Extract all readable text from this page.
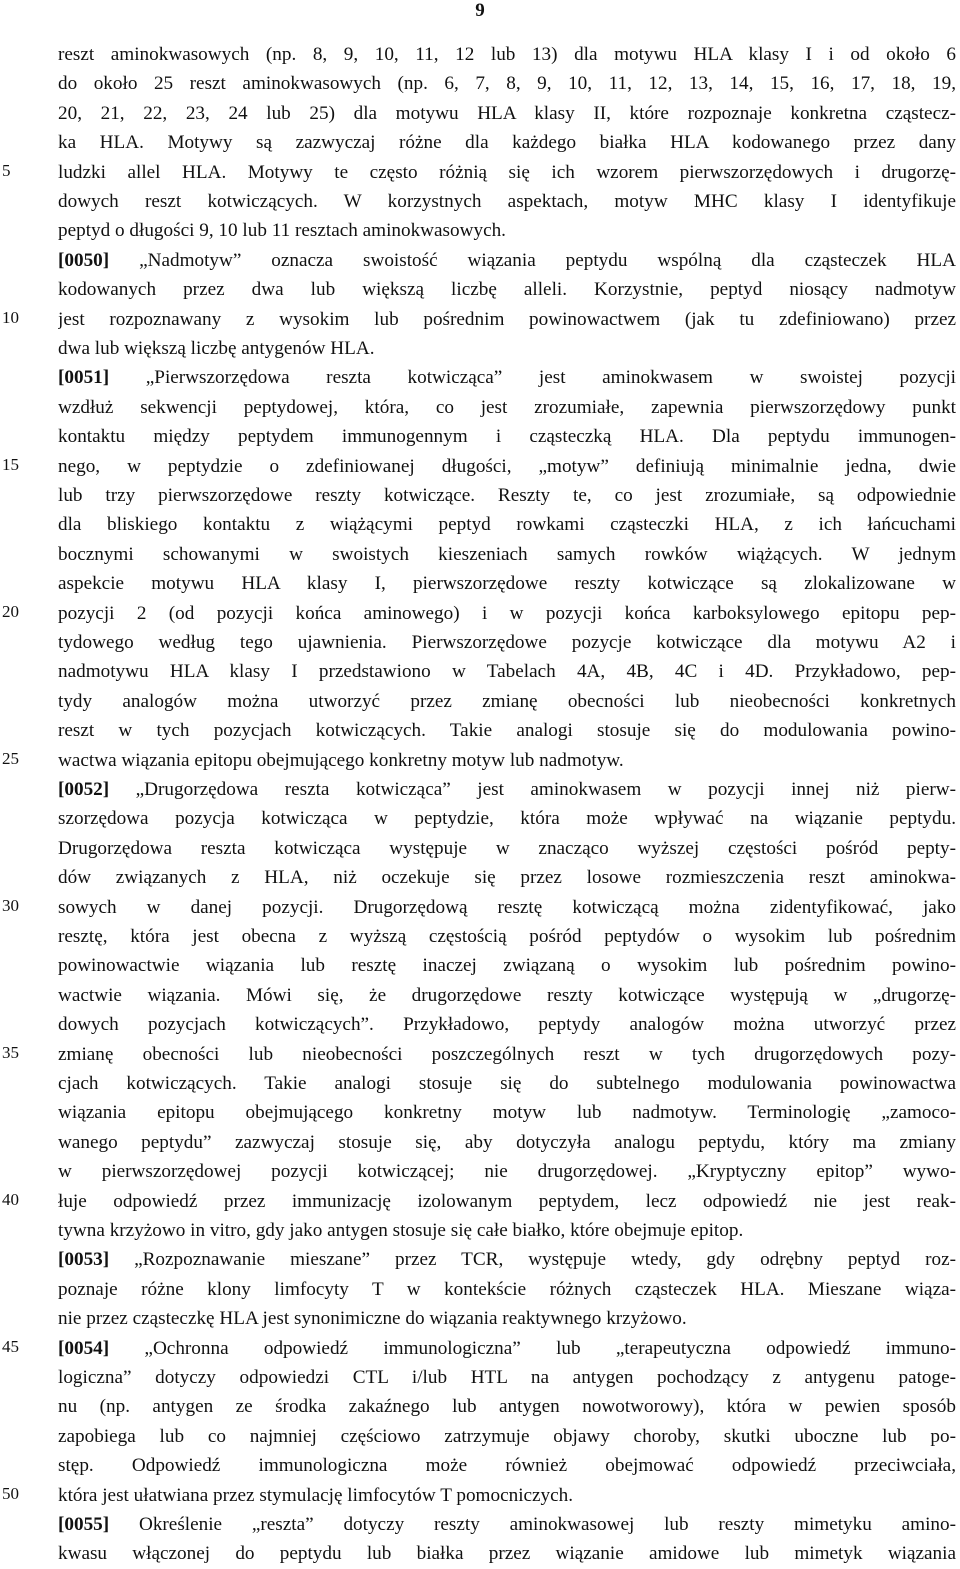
9
5
10
15
20
25
30
35
40
45
50
reszt aminokwasowych (np. 8, 9, 10, 11, 12 lub 13) dla motywu HLA klasy I i od około 6
do około 25 reszt aminokwasowych (np. 6, 7, 8, 9, 10, 11, 12, 13, 14, 15, 16, 17, 18, 19,
20, 21, 22, 23, 24 lub 25) dla motywu HLA klasy II, które rozpoznaje konkretna cząstecz-
ka HLA. Motywy są zazwyczaj różne dla każdego białka HLA kodowanego przez dany
ludzki allel HLA. Motywy te często różnią się ich wzorem pierwszorzędowych i drugorzę-
dowych reszt kotwiczących. W korzystnych aspektach, motyw MHC klasy I identyfikuje
peptyd o długości 9, 10 lub 11 resztach aminokwasowych.
[0050] „Nadmotyw” oznacza swoistość wiązania peptydu wspólną dla cząsteczek HLA
kodowanych przez dwa lub większą liczbę alleli. Korzystnie, peptyd niosący nadmotyw
jest rozpoznawany z wysokim lub pośrednim powinowactwem (jak tu zdefiniowano) przez
dwa lub większą liczbę antygenów HLA.
[0051] „Pierwszorzędowa reszta kotwicząca” jest aminokwasem w swoistej pozycji
wzdłuż sekwencji peptydowej, która, co jest zrozumiałe, zapewnia pierwszorzędowy punkt
kontaktu między peptydem immunogennym i cząsteczką HLA. Dla peptydu immunogen-
nego, w peptydzie o zdefiniowanej długości, „motyw” definiują minimalnie jedna, dwie
lub trzy pierwszorzędowe reszty kotwiczące. Reszty te, co jest zrozumiałe, są odpowiednie
dla bliskiego kontaktu z wiążącymi peptyd rowkami cząsteczki HLA, z ich łańcuchami
bocznymi schowanymi w swoistych kieszeniach samych rowków wiążących. W jednym
aspekcie motywu HLA klasy I, pierwszorzędowe reszty kotwiczące są zlokalizowane w
pozycji 2 (od pozycji końca aminowego) i w pozycji końca karboksylowego epitopu pep-
tydowego według tego ujawnienia. Pierwszorzędowe pozycje kotwiczące dla motywu A2 i
nadmotywu HLA klasy I przedstawiono w Tabelach 4A, 4B, 4C i 4D. Przykładowo, pep-
tydy analogów można utworzyć przez zmianę obecności lub nieobecności konkretnych
reszt w tych pozycjach kotwiczących. Takie analogi stosuje się do modulowania powino-
wactwa wiązania epitopu obejmującego konkretny motyw lub nadmotyw.
[0052] „Drugorzędowa reszta kotwicząca” jest aminokwasem w pozycji innej niż pierw-
szorzędowa pozycja kotwicząca w peptydzie, która może wpływać na wiązanie peptydu.
Drugorzędowa reszta kotwicząca występuje w znacząco wyższej częstości pośród pepty-
dów związanych z HLA, niż oczekuje się przez losowe rozmieszczenia reszt aminokwa-
sowych w danej pozycji. Drugorzędową resztę kotwiczącą można zidentyfikować, jako
resztę, która jest obecna z wyższą częstością pośród peptydów o wysokim lub pośrednim
powinowactwie wiązania lub resztę inaczej związaną o wysokim lub pośrednim powino-
wactwie wiązania. Mówi się, że drugorzędowe reszty kotwiczące występują w „drugorzę-
dowych pozycjach kotwiczących”. Przykładowo, peptydy analogów można utworzyć przez
zmianę obecności lub nieobecności poszczególnych reszt w tych drugorzędowych pozy-
cjach kotwiczących. Takie analogi stosuje się do subtelnego modulowania powinowactwa
wiązania epitopu obejmującego konkretny motyw lub nadmotyw. Terminologię „zamoco-
wanego peptydu” zazwyczaj stosuje się, aby dotyczyła analogu peptydu, który ma zmiany
w pierwszorzędowej pozycji kotwiczącej; nie drugorzędowej. „Kryptyczny epitop” wywo-
łuje odpowiedź przez immunizację izolowanym peptydem, lecz odpowiedź nie jest reak-
tywna krzyżowo in vitro, gdy jako antygen stosuje się całe białko, które obejmuje epitop.
[0053] „Rozpoznawanie mieszane” przez TCR, występuje wtedy, gdy odrębny peptyd roz-
poznaje różne klony limfocyty T w kontekście różnych cząsteczek HLA. Mieszane wiąza-
nie przez cząsteczkę HLA jest synonimiczne do wiązania reaktywnego krzyżowo.
[0054] „Ochronna odpowiedź immunologiczna” lub „terapeutyczna odpowiedź immuno-
logiczna” dotyczy odpowiedzi CTL i/lub HTL na antygen pochodzący z antygenu patoge-
nu (np. antygen ze środka zakaźnego lub antygen nowotworowy), która w pewien sposób
zapobiega lub co najmniej częściowo zatrzymuje objawy choroby, skutki uboczne lub po-
stęp. Odpowiedź immunologiczna może również obejmować odpowiedź przeciwciała,
która jest ułatwiana przez stymulację limfocytów T pomocniczych.
[0055] Określenie „reszta” dotyczy reszty aminokwasowej lub reszty mimetyku amino-
kwasu włączonej do peptydu lub białka przez wiązanie amidowe lub mimetyk wiązania
